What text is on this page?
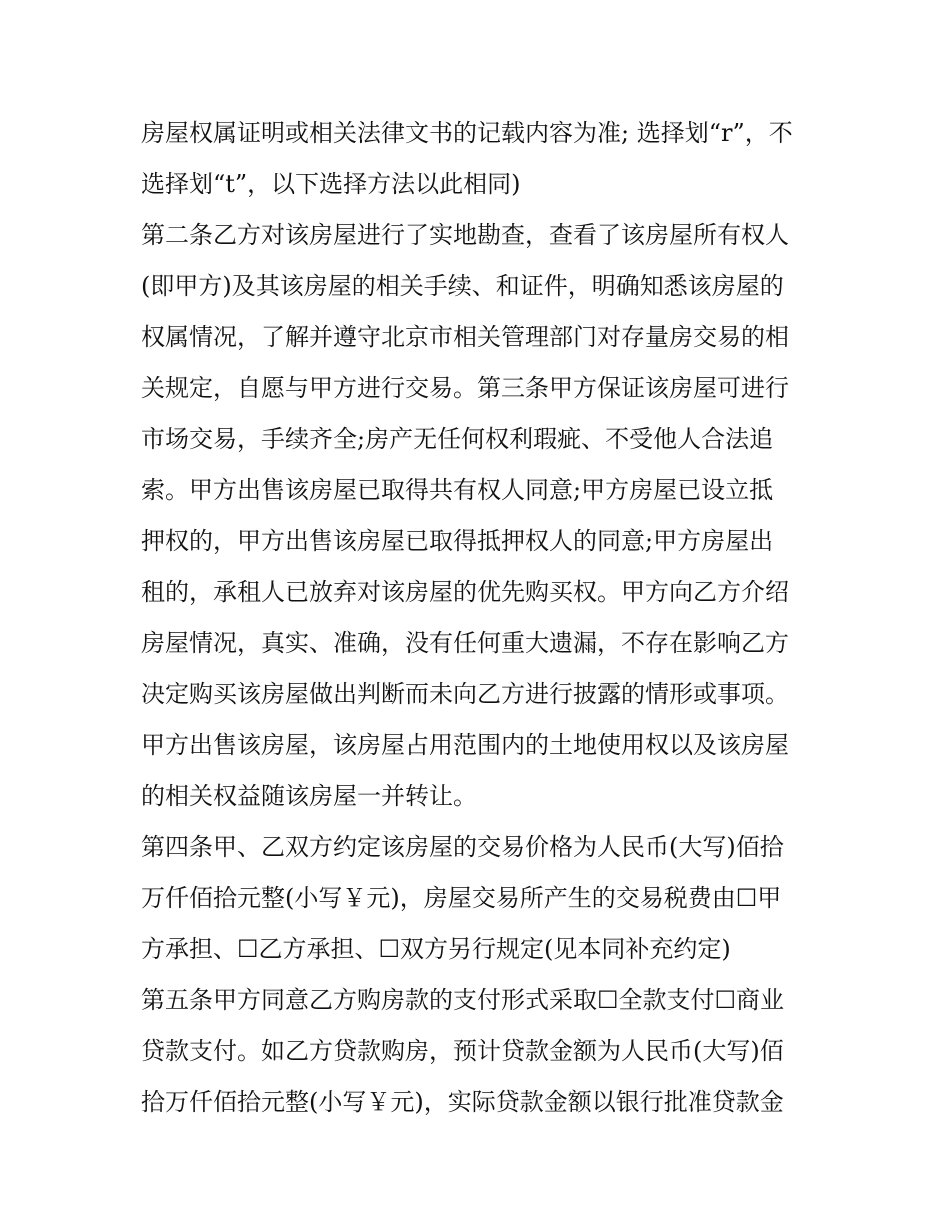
房屋权属证明或相关法律文书的记载内容为准; 选择划“r”，不
选择划“t”，以下选择方法以此相同)
第二条乙方对该房屋进行了实地勘查，查看了该房屋所有权人
(即甲方)及其该房屋的相关手续、和证件，明确知悉该房屋的
权属情况，了解并遵守北京市相关管理部门对存量房交易的相
关规定，自愿与甲方进行交易。第三条甲方保证该房屋可进行
市场交易，手续齐全;房产无任何权利瑕疵、不受他人合法追
索。甲方出售该房屋已取得共有权人同意;甲方房屋已设立抵
押权的，甲方出售该房屋已取得抵押权人的同意;甲方房屋出
租的，承租人已放弃对该房屋的优先购买权。甲方向乙方介绍
房屋情况，真实、准确，没有任何重大遗漏，不存在影响乙方
决定购买该房屋做出判断而未向乙方进行披露的情形或事项。
甲方出售该房屋，该房屋占用范围内的土地使用权以及该房屋
的相关权益随该房屋一并转让。
第四条甲、乙双方约定该房屋的交易价格为人民币(大写)佰拾
万仟佰拾元整(小写￥元)，房屋交易所产生的交易税费由☐甲
方承担、☐乙方承担、☐双方另行规定(见本同补充约定)
第五条甲方同意乙方购房款的支付形式采取☐全款支付☐商业
贷款支付。如乙方贷款购房，预计贷款金额为人民币(大写)佰
拾万仟佰拾元整(小写￥元)，实际贷款金额以银行批准贷款金
